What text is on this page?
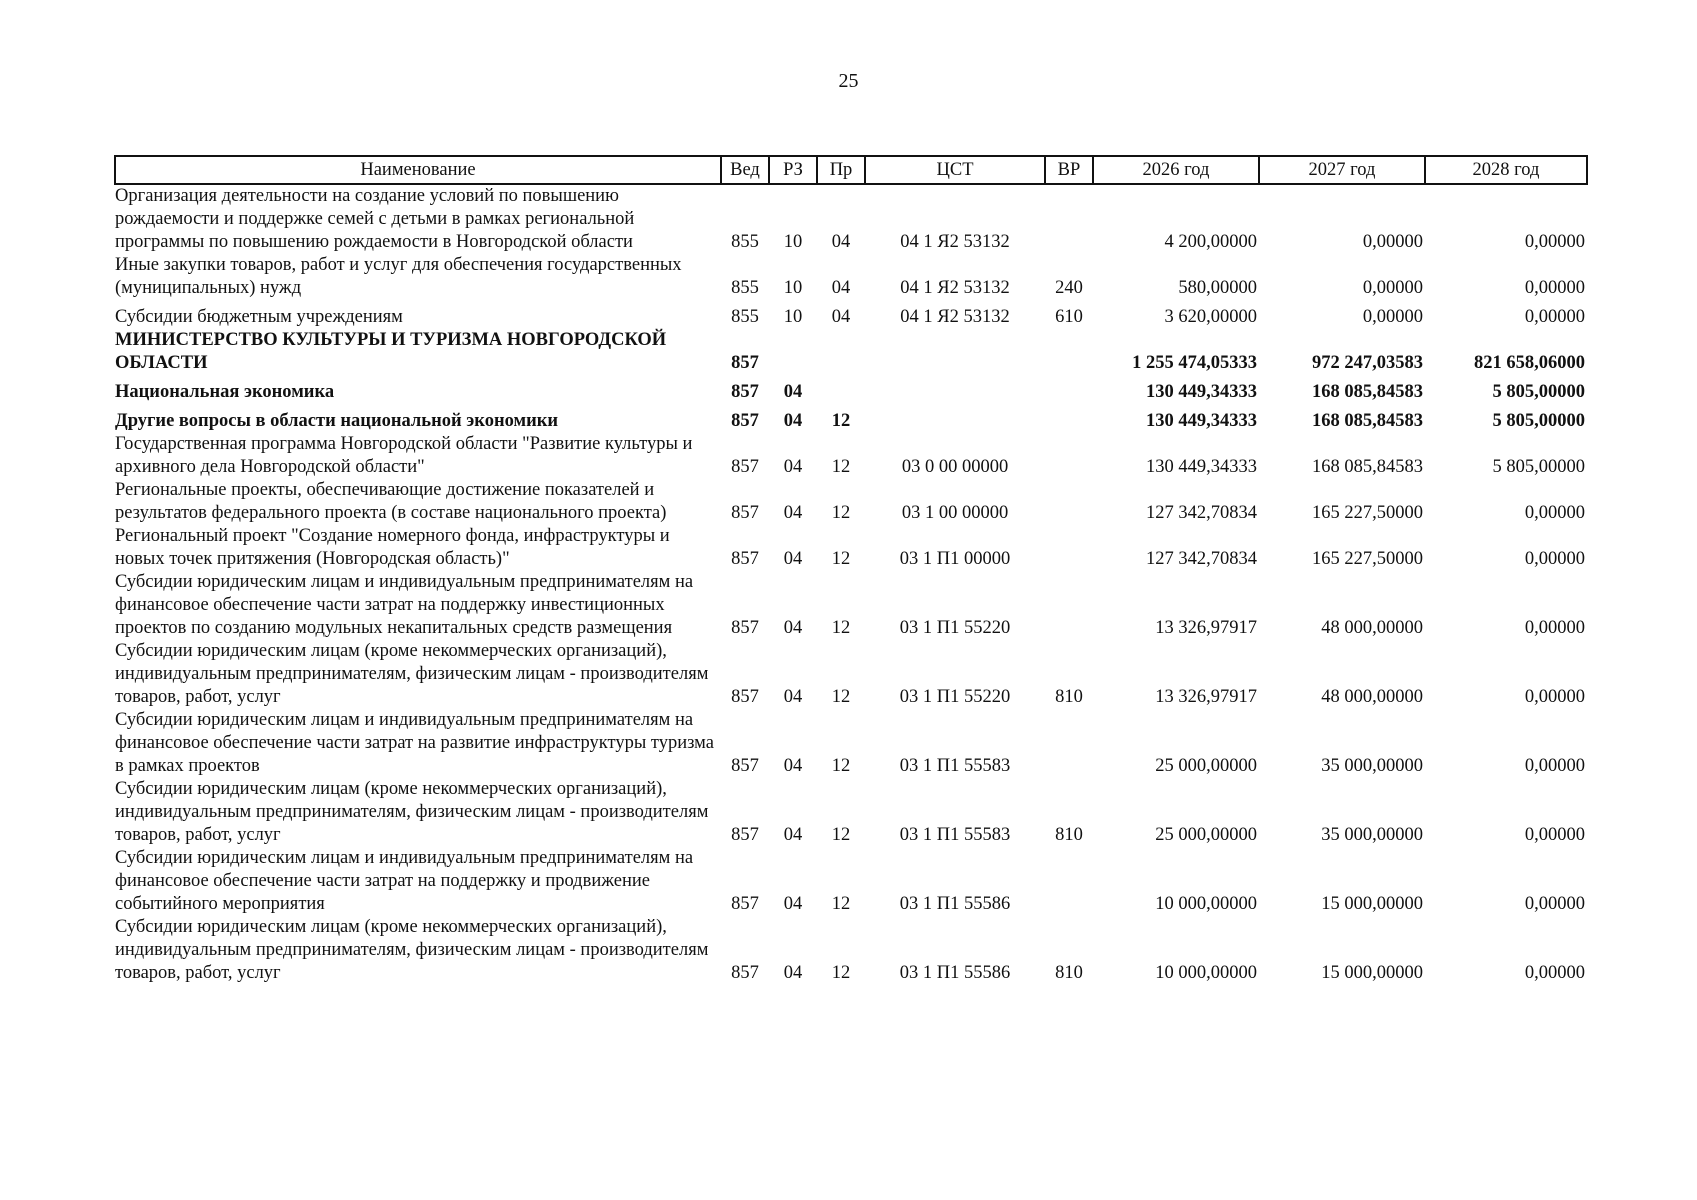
25
Наименование	Вед	РЗ	Пр	ЦСТ	ВР	2026 год	2027 год	2028 год
Организация деятельности на создание условий по повышению рождаемости и поддержке семей с детьми в рамках региональной программы по повышению рождаемости в Новгородской области	855	10	04	04 1 Я2 53132		4 200,00000	0,00000	0,00000
Иные закупки товаров, работ и услуг для обеспечения государственных (муниципальных) нужд	855	10	04	04 1 Я2 53132	240	580,00000	0,00000	0,00000
Субсидии бюджетным учреждениям	855	10	04	04 1 Я2 53132	610	3 620,00000	0,00000	0,00000
МИНИСТЕРСТВО КУЛЬТУРЫ И ТУРИЗМА НОВГОРОДСКОЙ ОБЛАСТИ	857					1 255 474,05333	972 247,03583	821 658,06000
Национальная экономика	857	04				130 449,34333	168 085,84583	5 805,00000
Другие вопросы в области национальной экономики	857	04	12			130 449,34333	168 085,84583	5 805,00000
Государственная программа Новгородской области "Развитие культуры и архивного дела Новгородской области"	857	04	12	03 0 00 00000		130 449,34333	168 085,84583	5 805,00000
Региональные проекты, обеспечивающие достижение показателей и результатов федерального проекта (в составе национального проекта)	857	04	12	03 1 00 00000		127 342,70834	165 227,50000	0,00000
Региональный проект "Создание номерного фонда, инфраструктуры и новых точек притяжения (Новгородская область)"	857	04	12	03 1 П1 00000		127 342,70834	165 227,50000	0,00000
Субсидии юридическим лицам и индивидуальным предпринимателям на финансовое обеспечение части затрат на поддержку инвестиционных проектов по созданию модульных некапитальных средств размещения	857	04	12	03 1 П1 55220		13 326,97917	48 000,00000	0,00000
Субсидии юридическим лицам (кроме некоммерческих организаций), индивидуальным предпринимателям, физическим лицам - производителям товаров, работ, услуг	857	04	12	03 1 П1 55220	810	13 326,97917	48 000,00000	0,00000
Субсидии юридическим лицам и индивидуальным предпринимателям на финансовое обеспечение части затрат на развитие инфраструктуры туризма в рамках проектов	857	04	12	03 1 П1 55583		25 000,00000	35 000,00000	0,00000
Субсидии юридическим лицам (кроме некоммерческих организаций), индивидуальным предпринимателям, физическим лицам - производителям товаров, работ, услуг	857	04	12	03 1 П1 55583	810	25 000,00000	35 000,00000	0,00000
Субсидии юридическим лицам и индивидуальным предпринимателям на финансовое обеспечение части затрат на поддержку и продвижение событийного мероприятия	857	04	12	03 1 П1 55586		10 000,00000	15 000,00000	0,00000
Субсидии юридическим лицам (кроме некоммерческих организаций), индивидуальным предпринимателям, физическим лицам - производителям товаров, работ, услуг	857	04	12	03 1 П1 55586	810	10 000,00000	15 000,00000	0,00000
